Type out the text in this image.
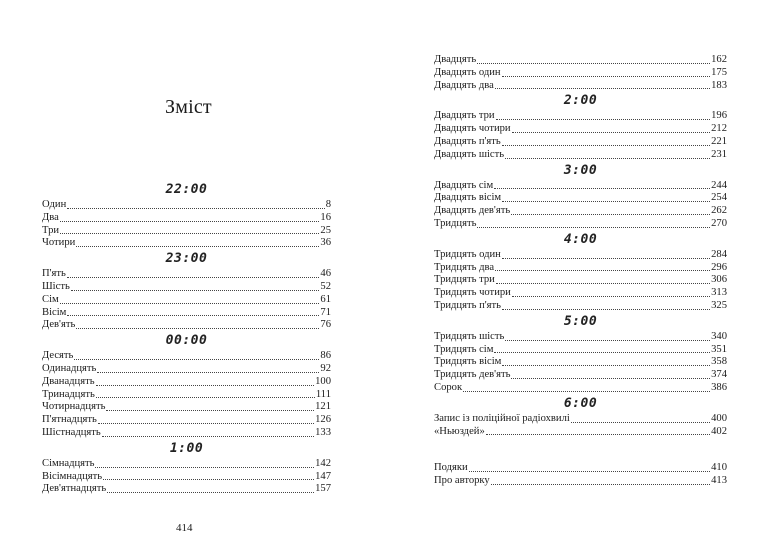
Зміст
22:00
Один	8
Два	16
Три	25
Чотири	36
23:00
П'ять	46
Шість	52
Сім	61
Вісім	71
Дев'ять	76
00:00
Десять	86
Одинадцять	92
Дванадцять	100
Тринадцять	111
Чотирнадцять	121
П'ятнадцять	126
Шістнадцять	133
1:00
Сімнадцять	142
Вісімнадцять	147
Дев'ятнадцять	157
414
Двадцять	162
Двадцять один	175
Двадцять два	183
2:00
Двадцять три	196
Двадцять чотири	212
Двадцять п'ять	221
Двадцять шість	231
3:00
Двадцять сім	244
Двадцять вісім	254
Двадцять дев'ять	262
Тридцять	270
4:00
Тридцять один	284
Тридцять два	296
Тридцять три	306
Тридцять чотири	313
Тридцять п'ять	325
5:00
Тридцять шість	340
Тридцять сім	351
Тридцять вісім	358
Тридцять дев'ять	374
Сорок	386
6:00
Запис із поліційної радіохвилі	400
«Ньюздей»	402
Подяки	410
Про авторку	413
